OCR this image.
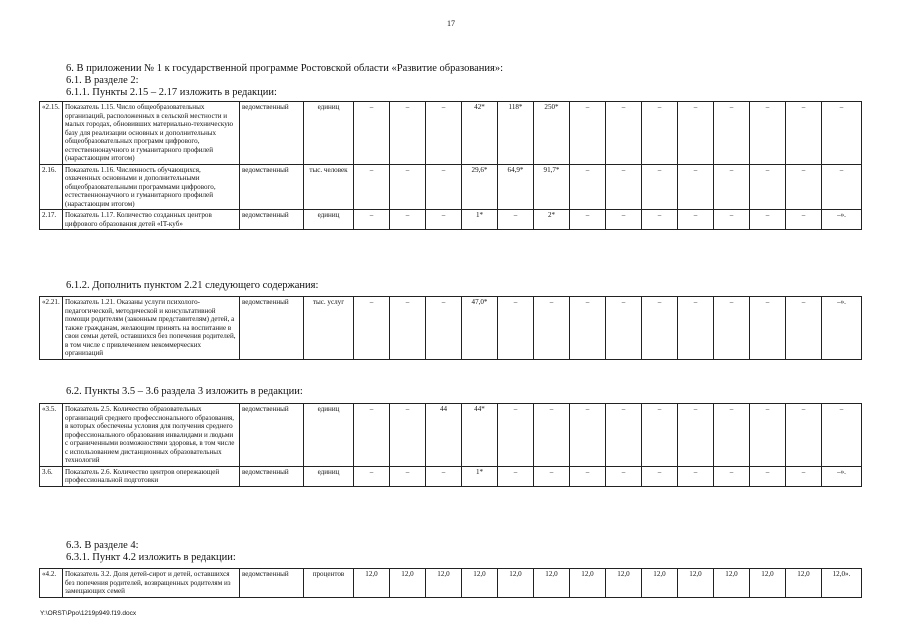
17
6. В приложении № 1 к государственной программе Ростовской области «Развитие образования»:
6.1. В разделе 2:
6.1.1. Пункты 2.15 – 2.17 изложить в редакции:
«2.15.	Показатель 1.15. Число общеобразовательных организаций, расположенных в сельской местности и малых городах, обновивших материально-техническую базу для реализации основных и дополнительных общеобразовательных программ цифрового, естественнонаучного и гуманитарного профилей (нарастающим итогом)	ведомственный	единиц	–	–	–	42*	118*	250*	–	–	–	–	–	–	–	–
2.16.	Показатель 1.16. Численность обучающихся, охваченных основными и дополнительными общеобразовательными программами цифрового, естественнонаучного и гуманитарного профилей (нарастающим итогом)	ведомственный	тыс. человек	–	–	–	29,6*	64,9*	91,7*	–	–	–	–	–	–	–	–
2.17.	Показатель 1.17. Количество созданных центров цифрового образования детей «IT-куб»	ведомственный	единиц	–	–	–	1*	–	2*	–	–	–	–	–	–	–	–».
6.1.2. Дополнить пунктом 2.21 следующего содержания:
«2.21.	Показатель 1.21. Оказаны услуги психолого-педагогической, методической и консультативной помощи родителям (законным представителям) детей, а также гражданам, желающим принять на воспитание в свои семьи детей, оставшихся без попечения родителей, в том числе с привлечением некоммерческих организаций	ведомственный	тыс. услуг	–	–	–	47,0*	–	–	–	–	–	–	–	–	–	–».
6.2. Пункты 3.5 – 3.6 раздела 3 изложить в редакции:
«3.5.	Показатель 2.5. Количество образовательных организаций среднего профессионального образования, в которых обеспечены условия для получения среднего профессионального образования инвалидами и людьми с ограниченными возможностями здоровья, в том числе с использованием дистанционных образовательных технологий	ведомственный	единиц	–	–	44	44*	–	–	–	–	–	–	–	–	–	–
3.6.	Показатель 2.6. Количество центров опережающей профессиональной подготовки	ведомственный	единиц	–	–	–	1*	–	–	–	–	–	–	–	–	–	–».
6.3. В разделе 4:
6.3.1. Пункт 4.2 изложить в редакции:
«4.2.	Показатель 3.2. Доля детей-сирот и детей, оставшихся без попечения родителей, возвращенных родителям из замещающих семей	ведомственный	процентов	12,0	12,0	12,0	12,0	12,0	12,0	12,0	12,0	12,0	12,0	12,0	12,0	12,0	12,0».
Y:\ORST\Ppo\1219p949.f19.docx
